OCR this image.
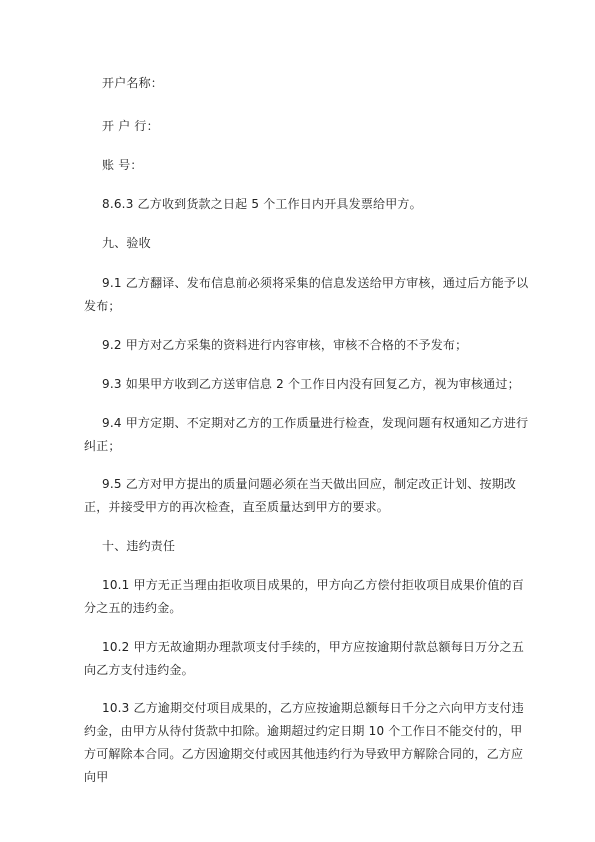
开户名称：

开 户 行：

账 号：

8.6.3 乙方收到货款之日起 5 个工作日内开具发票给甲方。

九、验收

9.1 乙方翻译、发布信息前必须将采集的信息发送给甲方审核，通过后方能予以发布；

9.2 甲方对乙方采集的资料进行内容审核，审核不合格的不予发布；

9.3 如果甲方收到乙方送审信息 2 个工作日内没有回复乙方，视为审核通过；

9.4 甲方定期、不定期对乙方的工作质量进行检查，发现问题有权通知乙方进行纠正；

9.5 乙方对甲方提出的质量问题必须在当天做出回应，制定改正计划、按期改正，并接受甲方的再次检查，直至质量达到甲方的要求。

十、违约责任

10.1 甲方无正当理由拒收项目成果的，甲方向乙方偿付拒收项目成果价值的百分之五的违约金。

10.2 甲方无故逾期办理款项支付手续的，甲方应按逾期付款总额每日万分之五向乙方支付违约金。

10.3 乙方逾期交付项目成果的，乙方应按逾期总额每日千分之六向甲方支付违约金，由甲方从待付货款中扣除。逾期超过约定日期 10 个工作日不能交付的，甲方可解除本合同。乙方因逾期交付或因其他违约行为导致甲方解除合同的，乙方应向甲
